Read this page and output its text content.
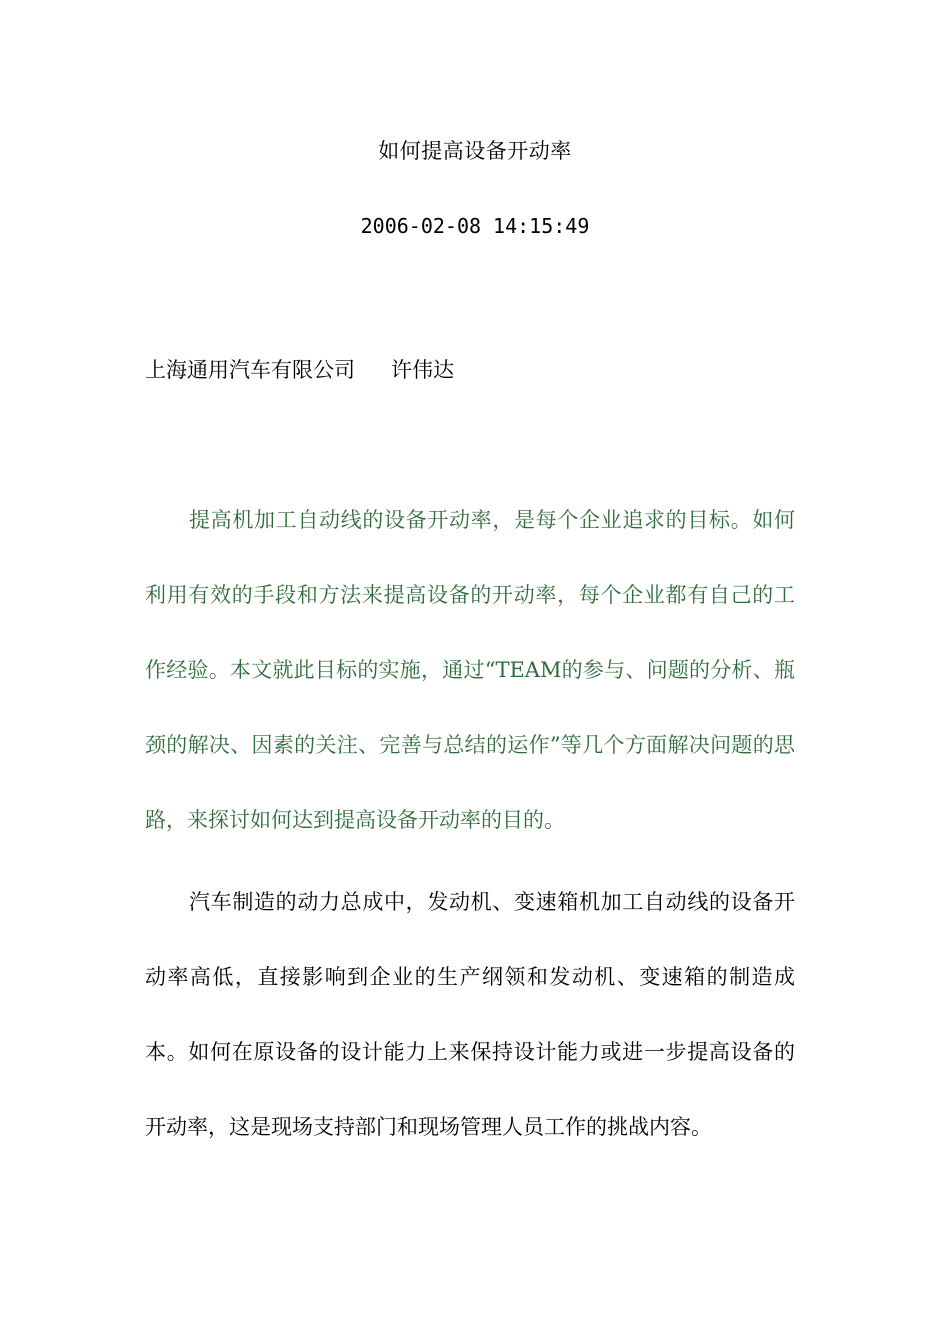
如何提高设备开动率
2006-02-08 14:15:49
上海通用汽车有限公司 许伟达

提高机加工自动线的设备开动率，是每个企业追求的目标。如何利用有效的手段和方法来提高设备的开动率，每个企业都有自己的工作经验。本文就此目标的实施，通过“TEAM的参与、问题的分析、瓶颈的解决、因素的关注、完善与总结的运作”等几个方面解决问题的思路，来探讨如何达到提高设备开动率的目的。

汽车制造的动力总成中，发动机、变速箱机加工自动线的设备开动率高低，直接影响到企业的生产纲领和发动机、变速箱的制造成本。如何在原设备的设计能力上来保持设计能力或进一步提高设备的开动率，这是现场支持部门和现场管理人员工作的挑战内容。
